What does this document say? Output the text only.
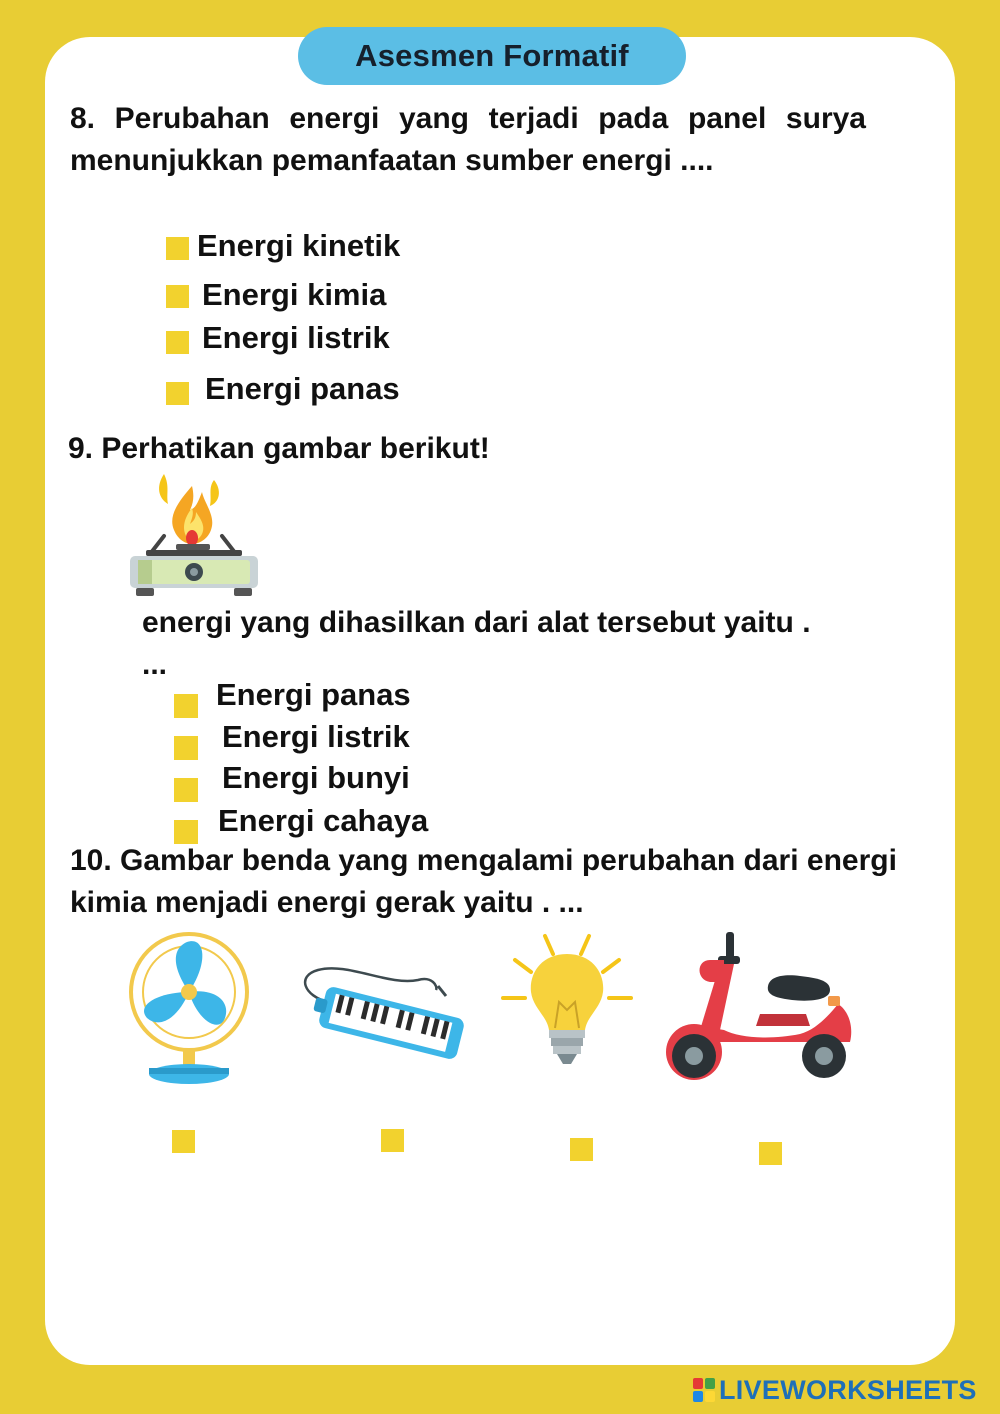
Asesmen Formatif
8. Perubahan energi yang terjadi pada panel surya menunjukkan pemanfaatan sumber energi ....
Energi kinetik
Energi kimia
Energi listrik
Energi panas
9. Perhatikan gambar berikut!
energi yang dihasilkan dari alat tersebut yaitu . ...
Energi panas
Energi listrik
Energi bunyi
Energi cahaya
10. Gambar benda yang mengalami perubahan dari energi kimia menjadi energi gerak yaitu . ...
LIVEWORKSHEETS
